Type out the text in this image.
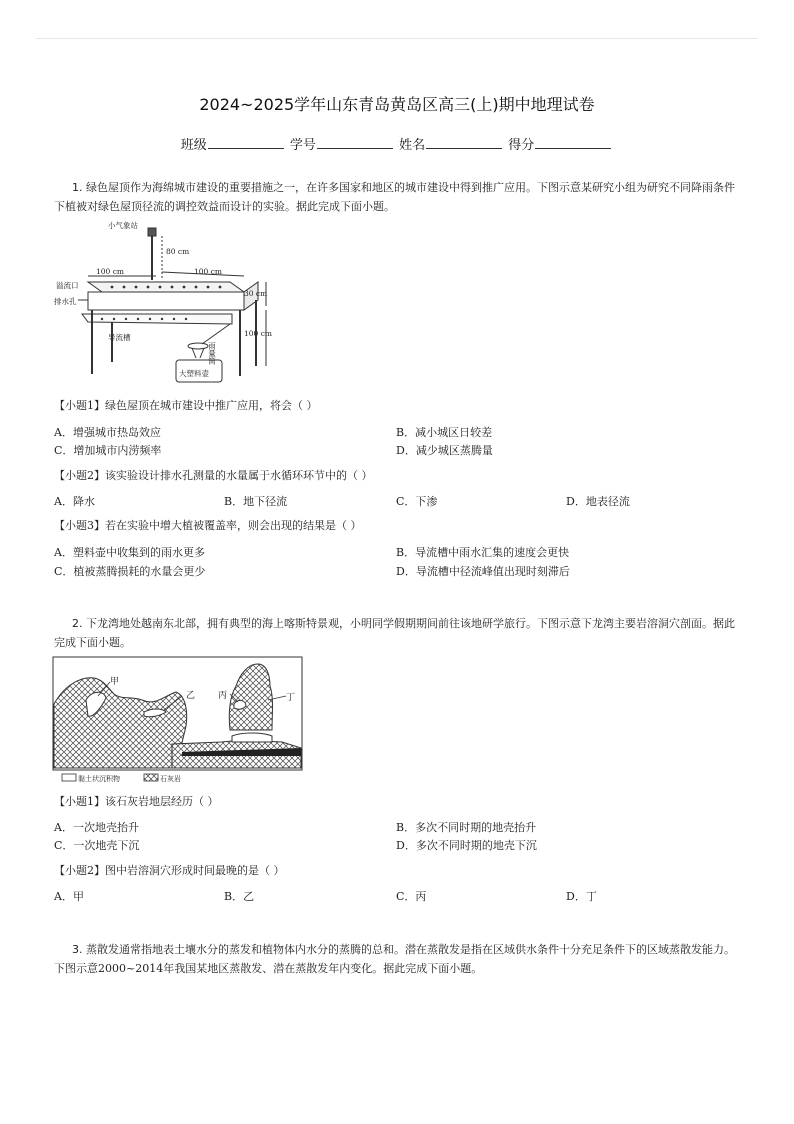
2024~2025学年山东青岛黄岛区高三(上)期中地理试卷
班级	学号	姓名	得分
1. 绿色屋顶作为海绵城市建设的重要措施之一，在许多国家和地区的城市建设中得到推广应用。下图示意某研究小组为研究不同降雨条件下植被对绿色屋顶径流的调控效益而设计的实验。据此完成下面小题。
小气象站
80 cm
100 cm	100 cm
溢流口
排水孔
30 cm
100 cm
导流槽
雨量筒
大塑料壶
【小题1】绿色屋顶在城市建设中推广应用，将会（ ）
A．增强城市热岛效应	B．减小城区日较差
C．增加城市内涝频率	D．减少城区蒸腾量
【小题2】该实验设计排水孔测量的水量属于水循环环节中的（ ）
A．降水	B．地下径流	C．下渗	D．地表径流
【小题3】若在实验中增大植被覆盖率，则会出现的结果是（ ）
A．塑料壶中收集到的雨水更多	B．导流槽中雨水汇集的速度会更快
C．植被蒸腾损耗的水量会更少	D．导流槽中径流峰值出现时刻滞后
2. 下龙湾地处越南东北部，拥有典型的海上喀斯特景观，小明同学假期期间前往该地研学旅行。下图示意下龙湾主要岩溶洞穴剖面。据此完成下面小题。
甲
乙	丙	丁
黏土状沉积物	石灰岩
【小题1】该石灰岩地层经历（ ）
A．一次地壳抬升	B．多次不同时期的地壳抬升
C．一次地壳下沉	D．多次不同时期的地壳下沉
【小题2】图中岩溶洞穴形成时间最晚的是（ ）
A．甲	B．乙	C．丙	D．丁
3. 蒸散发通常指地表土壤水分的蒸发和植物体内水分的蒸腾的总和。潜在蒸散发是指在区域供水条件十分充足条件下的区域蒸散发能力。下图示意2000~2014年我国某地区蒸散发、潜在蒸散发年内变化。据此完成下面小题。
